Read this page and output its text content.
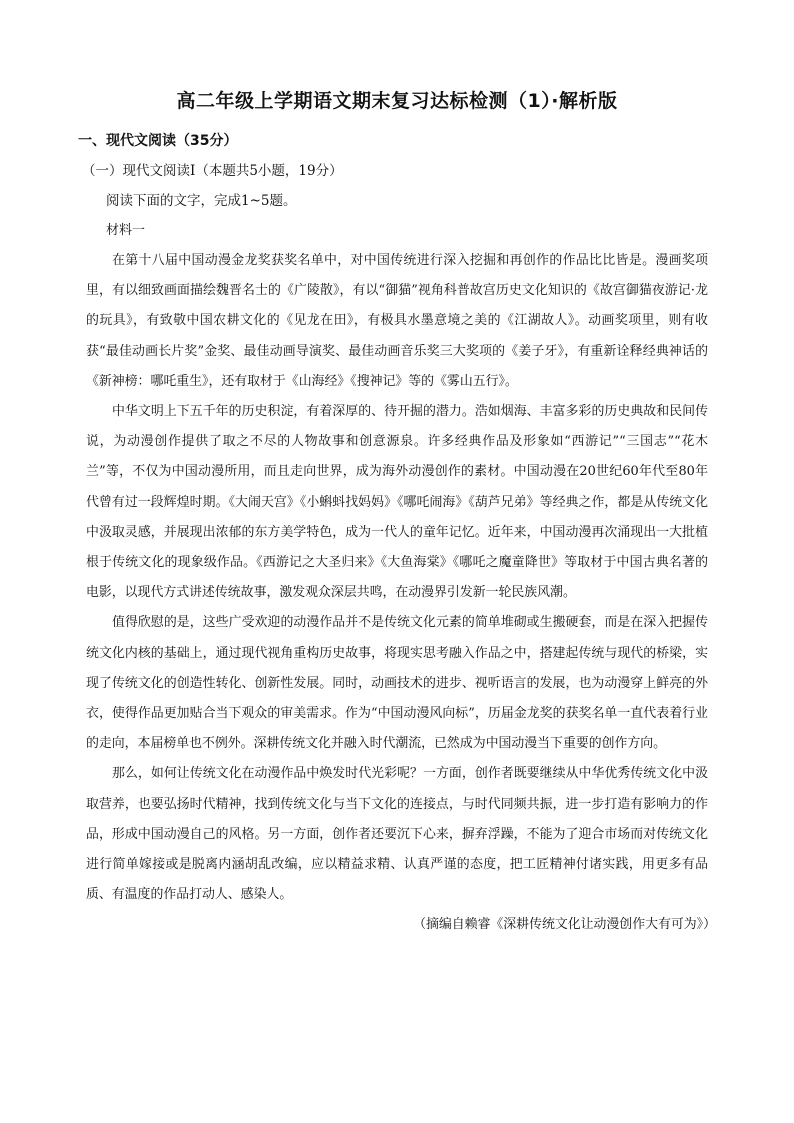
高二年级上学期语文期末复习达标检测（1）·解析版
一、现代文阅读（35分）
（一）现代文阅读Ⅰ（本题共5小题，19分）
阅读下面的文字，完成1~5题。
材料一

在第十八届中国动漫金龙奖获奖名单中，对中国传统进行深入挖掘和再创作的作品比比皆是。漫画奖项里，有以细致画面描绘魏晋名士的《广陵散》，有以“御猫”视角科普故宫历史文化知识的《故宫御猫夜游记·龙的玩具》，有致敬中国农耕文化的《见龙在田》，有极具水墨意境之美的《江湖故人》。动画奖项里，则有收获“最佳动画长片奖”金奖、最佳动画导演奖、最佳动画音乐奖三大奖项的《姜子牙》，有重新诠释经典神话的《新神榜：哪吒重生》，还有取材于《山海经》《搜神记》等的《雾山五行》。

中华文明上下五千年的历史积淀，有着深厚的、待开掘的潜力。浩如烟海、丰富多彩的历史典故和民间传说，为动漫创作提供了取之不尽的人物故事和创意源泉。许多经典作品及形象如“西游记”“三国志”“花木兰”等，不仅为中国动漫所用，而且走向世界，成为海外动漫创作的素材。中国动漫在20世纪60年代至80年代曾有过一段辉煌时期。《大闹天宫》《小蝌蚪找妈妈》《哪吒闹海》《葫芦兄弟》等经典之作，都是从传统文化中汲取灵感，并展现出浓郁的东方美学特色，成为一代人的童年记忆。近年来，中国动漫再次涌现出一大批植根于传统文化的现象级作品。《西游记之大圣归来》《大鱼海棠》《哪吒之魔童降世》等取材于中国古典名著的电影，以现代方式讲述传统故事，激发观众深层共鸣，在动漫界引发新一轮民族风潮。

值得欣慰的是，这些广受欢迎的动漫作品并不是传统文化元素的简单堆砌或生搬硬套，而是在深入把握传统文化内核的基础上，通过现代视角重构历史故事，将现实思考融入作品之中，搭建起传统与现代的桥梁，实现了传统文化的创造性转化、创新性发展。同时，动画技术的进步、视听语言的发展，也为动漫穿上鲜亮的外衣，使得作品更加贴合当下观众的审美需求。作为“中国动漫风向标”，历届金龙奖的获奖名单一直代表着行业的走向，本届榜单也不例外。深耕传统文化并融入时代潮流，已然成为中国动漫当下重要的创作方向。

那么，如何让传统文化在动漫作品中焕发时代光彩呢？一方面，创作者既要继续从中华优秀传统文化中汲取营养，也要弘扬时代精神，找到传统文化与当下文化的连接点，与时代同频共振，进一步打造有影响力的作品，形成中国动漫自己的风格。另一方面，创作者还要沉下心来，摒弃浮躁，不能为了迎合市场而对传统文化进行简单嫁接或是脱离内涵胡乱改编，应以精益求精、认真严谨的态度，把工匠精神付诸实践，用更多有品质、有温度的作品打动人、感染人。

（摘编自赖睿《深耕传统文化让动漫创作大有可为》）
